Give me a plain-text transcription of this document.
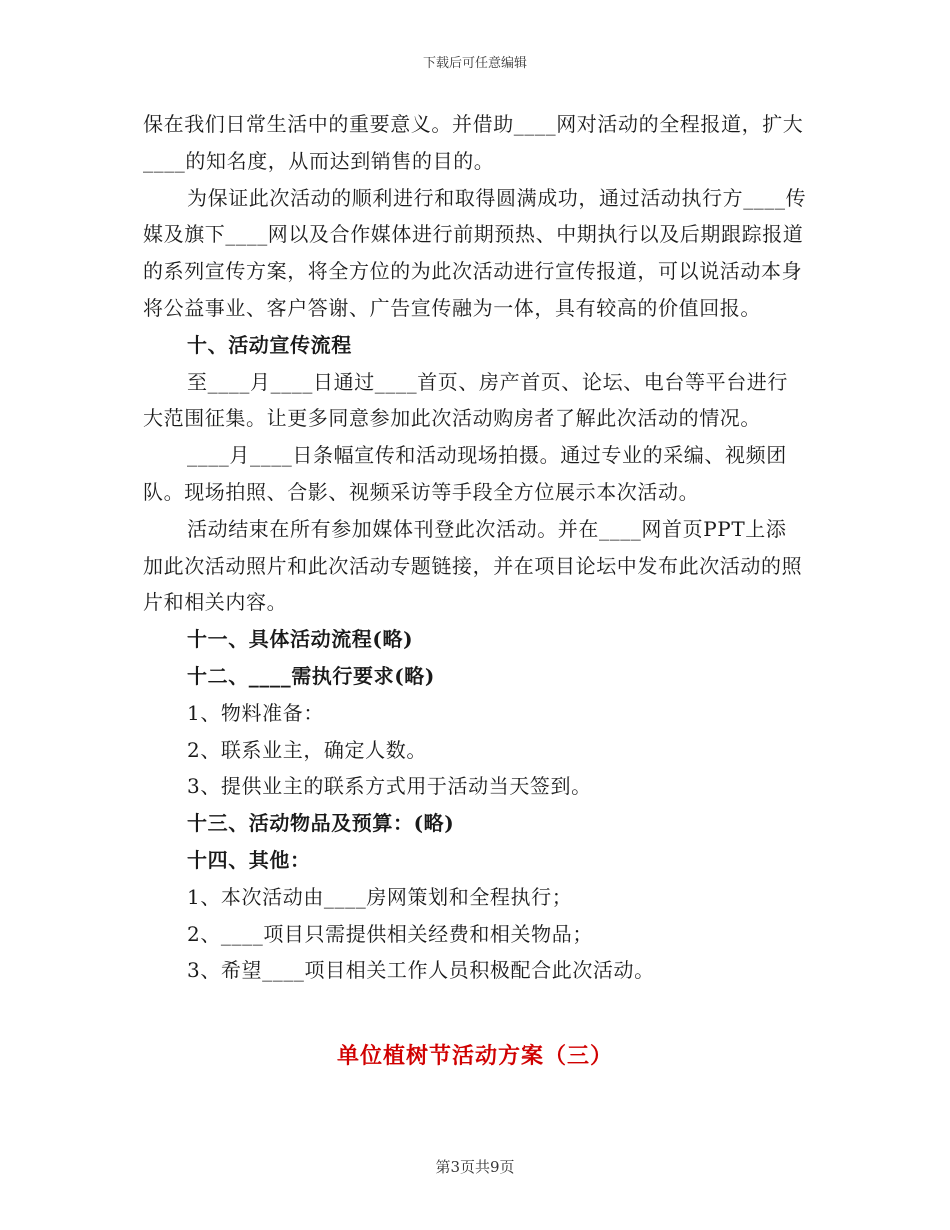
下载后可任意编辑

保在我们日常生活中的重要意义。并借助____网对活动的全程报道，扩大____的知名度，从而达到销售的目的。

为保证此次活动的顺利进行和取得圆满成功，通过活动执行方____传媒及旗下____网以及合作媒体进行前期预热、中期执行以及后期跟踪报道的系列宣传方案，将全方位的为此次活动进行宣传报道，可以说活动本身将公益事业、客户答谢、广告宣传融为一体，具有较高的价值回报。

十、活动宣传流程

至____月____日通过____首页、房产首页、论坛、电台等平台进行大范围征集。让更多同意参加此次活动购房者了解此次活动的情况。

____月____日条幅宣传和活动现场拍摄。通过专业的采编、视频团队。现场拍照、合影、视频采访等手段全方位展示本次活动。

活动结束在所有参加媒体刊登此次活动。并在____网首页PPT上添加此次活动照片和此次活动专题链接，并在项目论坛中发布此次活动的照片和相关内容。

十一、具体活动流程(略)

十二、____需执行要求(略)

1、物料准备：

2、联系业主，确定人数。

3、提供业主的联系方式用于活动当天签到。

十三、活动物品及预算：(略)

十四、其他：

1、本次活动由____房网策划和全程执行；

2、____项目只需提供相关经费和相关物品；

3、希望____项目相关工作人员积极配合此次活动。

单位植树节活动方案（三）
第3页共9页
